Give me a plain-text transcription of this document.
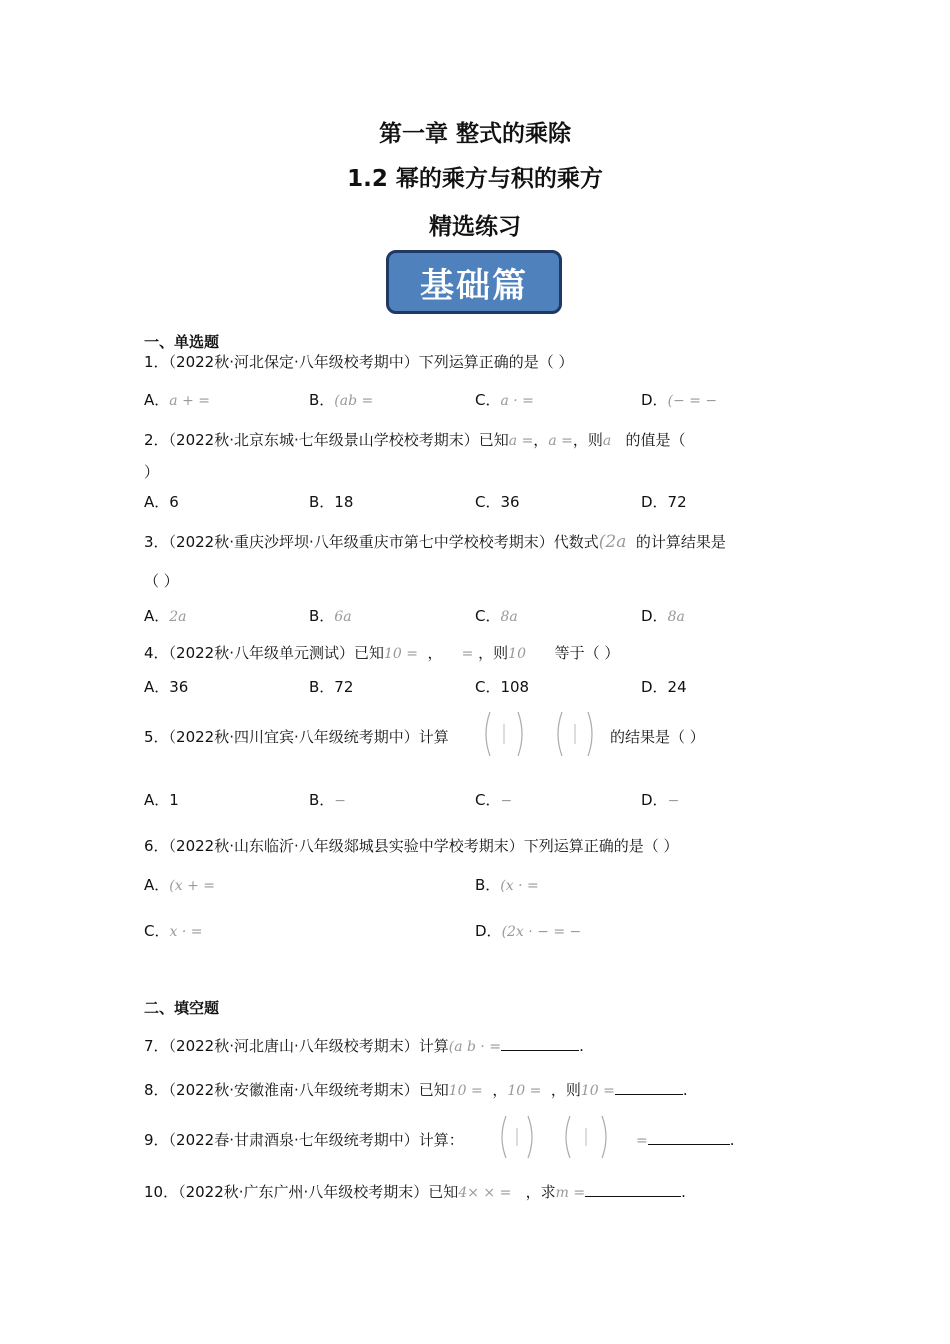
第一章 整式的乘除
1.2 幂的乘方与积的乘方
精选练习
基础篇
一、单选题
1．（2022秋·河北保定·八年级校考期中）下列运算正确的是（ ）
A．a + =	B．(ab =	C．a · =	D．(− = −
2．（2022秋·北京东城·七年级景山学校校考期末）已知a =，a =，则a 的值是（
）
A．6	B．18	C．36	D．72
3．（2022秋·重庆沙坪坝·八年级重庆市第七中学校校考期末）代数式(2a 的计算结果是
（ ）
A．2a	B．6a	C．8a	D．8a
4．（2022秋·八年级单元测试）已知10 = ， = ，则10 等于（ ）
A．36	B．72	C．108	D．24
5．（2022秋·四川宜宾·八年级统考期中）计算	的结果是（ ）
A．1	B．−	C．−	D．−
6．（2022秋·山东临沂·八年级郯城县实验中学校考期末）下列运算正确的是（ ）
A．(x + =	B．(x · =
C．x · =	D．(2x · − = −
二、填空题
7．（2022秋·河北唐山·八年级校考期末）计算(a b · =	.
8．（2022秋·安徽淮南·八年级统考期末）已知10 = ，10 = ，则10 =	.
9．（2022春·甘肃酒泉·七年级统考期中）计算：	=	.
10．（2022秋·广东广州·八年级校考期末）已知4× × = ，求m =	.
